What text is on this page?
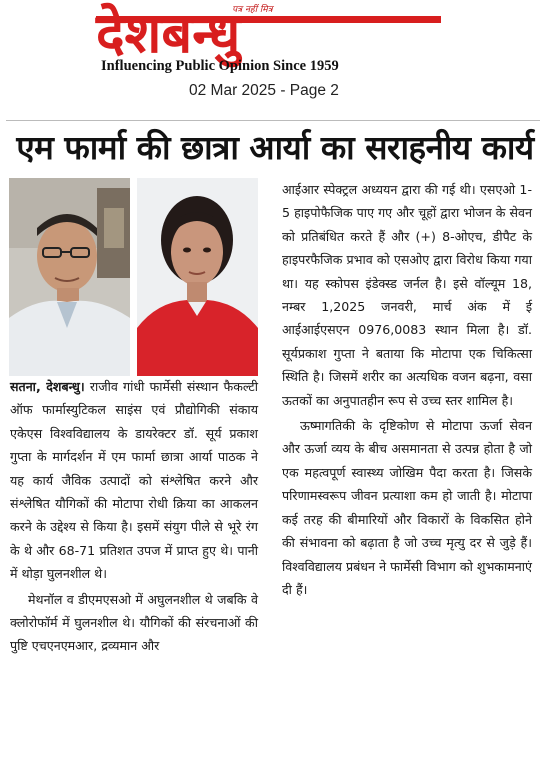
पत्र नहीं मित्र
देशबन्धु
Influencing Public Opinion Since 1959
02 Mar 2025 - Page 2
एम फार्मा की छात्रा आर्या का सराहनीय कार्य

सतना, देशबन्धु। राजीव गांधी फार्मेसी संस्थान फैकल्टी ऑफ फार्मास्युटिकल साइंस एवं प्रौद्योगिकी संकाय एकेएस विश्वविद्यालय के डायरेक्टर डॉ. सूर्य प्रकाश गुप्ता के मार्गदर्शन में एम फार्मा छात्रा आर्या पाठक ने यह कार्य जैविक उत्पादों को संश्लेषित करने और संश्लेषित यौगिकों की मोटापा रोधी क्रिया का आकलन करने के उद्देश्य से किया है। इसमें संयुग पीले से भूरे रंग के थे और 68-71 प्रतिशत उपज में प्राप्त हुए थे। पानी में थोड़ा घुलनशील थे।

मेथनॉल व डीएमएसओ में अघुलनशील थे जबकि वे क्लोरोफॉर्म में घुलनशील थे। यौगिकों की संरचनाओं की पुष्टि एचएनएमआर, द्रव्यमान और

आईआर स्पेक्ट्रल अध्ययन द्वारा की गई थी। एसएओ 1-5 हाइपोफैजिक पाए गए और चूहों द्वारा भोजन के सेवन को प्रतिबंधित करते हैं और (+) 8-ओएच, डीपैट के हाइपरफैजिक प्रभाव को एसओए द्वारा विरोध किया गया था। यह स्कोपस इंडेक्स्ड जर्नल है। इसे वॉल्यूम 18, नम्बर 1,2025 जनवरी, मार्च अंक में ई आईआईएसएन 0976,0083 स्थान मिला है। डॉ. सूर्यप्रकाश गुप्ता ने बताया कि मोटापा एक चिकित्सा स्थिति है। जिसमें शरीर का अत्यधिक वजन बढ़ना, वसा ऊतकों का अनुपातहीन रूप से उच्च स्तर शामिल है।

ऊष्मागतिकी के दृष्टिकोण से मोटापा ऊर्जा सेवन और ऊर्जा व्यय के बीच असमानता से उत्पन्न होता है जो एक महत्वपूर्ण स्वास्थ्य जोखिम पैदा करता है। जिसके परिणामस्वरूप जीवन प्रत्याशा कम हो जाती है। मोटापा कई तरह की बीमारियों और विकारों के विकसित होने की संभावना को बढ़ाता है जो उच्च मृत्यु दर से जुड़े हैं। विश्वविद्यालय प्रबंधन ने फार्मेसी विभाग को शुभकामनाएं दी हैं।
